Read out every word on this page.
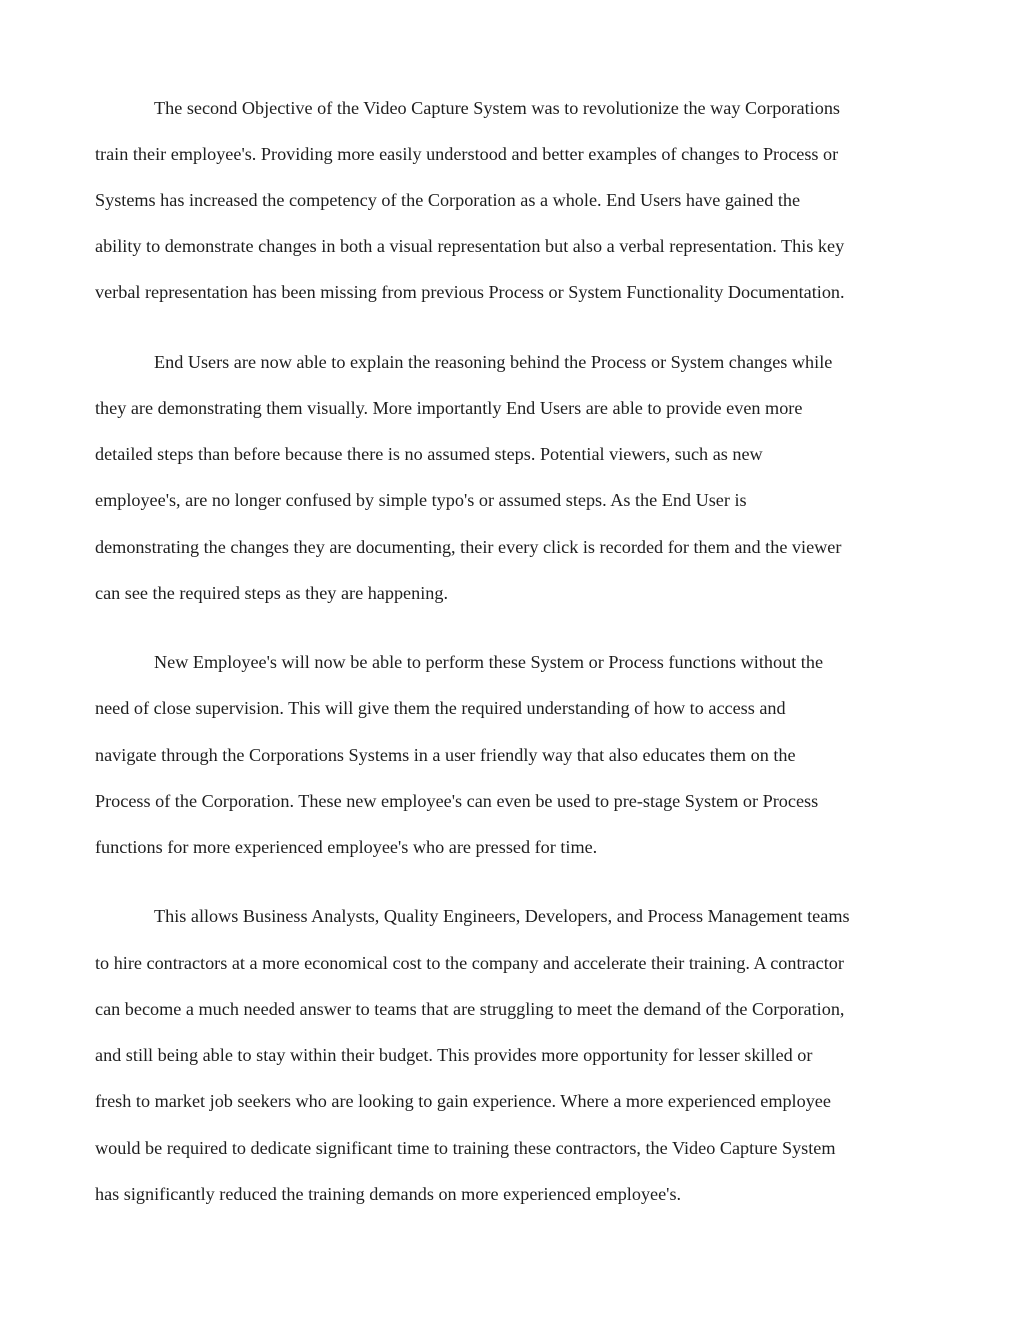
The second Objective of the Video Capture System was to revolutionize the way Corporations

train their employee's. Providing more easily understood and better examples of changes to Process or

Systems has increased the competency of the Corporation as a whole. End Users have gained the

ability to demonstrate changes in both a visual representation but also a verbal representation. This key

verbal representation has been missing from previous Process or System Functionality Documentation.

End Users are now able to explain the reasoning behind the Process or System changes while

they are demonstrating them visually. More importantly End Users are able to provide even more

detailed steps than before because there is no assumed steps. Potential viewers, such as new

employee's, are no longer confused by simple typo's or assumed steps. As the End User is

demonstrating the changes they are documenting, their every click is recorded for them and the viewer

can see the required steps as they are happening.

New Employee's will now be able to perform these System or Process functions without the

need of close supervision. This will give them the required understanding of how to access and

navigate through the Corporations Systems in a user friendly way that also educates them on the

Process of the Corporation. These new employee's can even be used to pre-stage System or Process

functions for more experienced employee's who are pressed for time.

This allows Business Analysts, Quality Engineers, Developers, and Process Management teams

to hire contractors at a more economical cost to the company and accelerate their training. A contractor

can become a much needed answer to teams that are struggling to meet the demand of the Corporation,

and still being able to stay within their budget. This provides more opportunity for lesser skilled or

fresh to market job seekers who are looking to gain experience. Where a more experienced employee

would be required to dedicate significant time to training these contractors, the Video Capture System

has significantly reduced the training demands on more experienced employee's.
